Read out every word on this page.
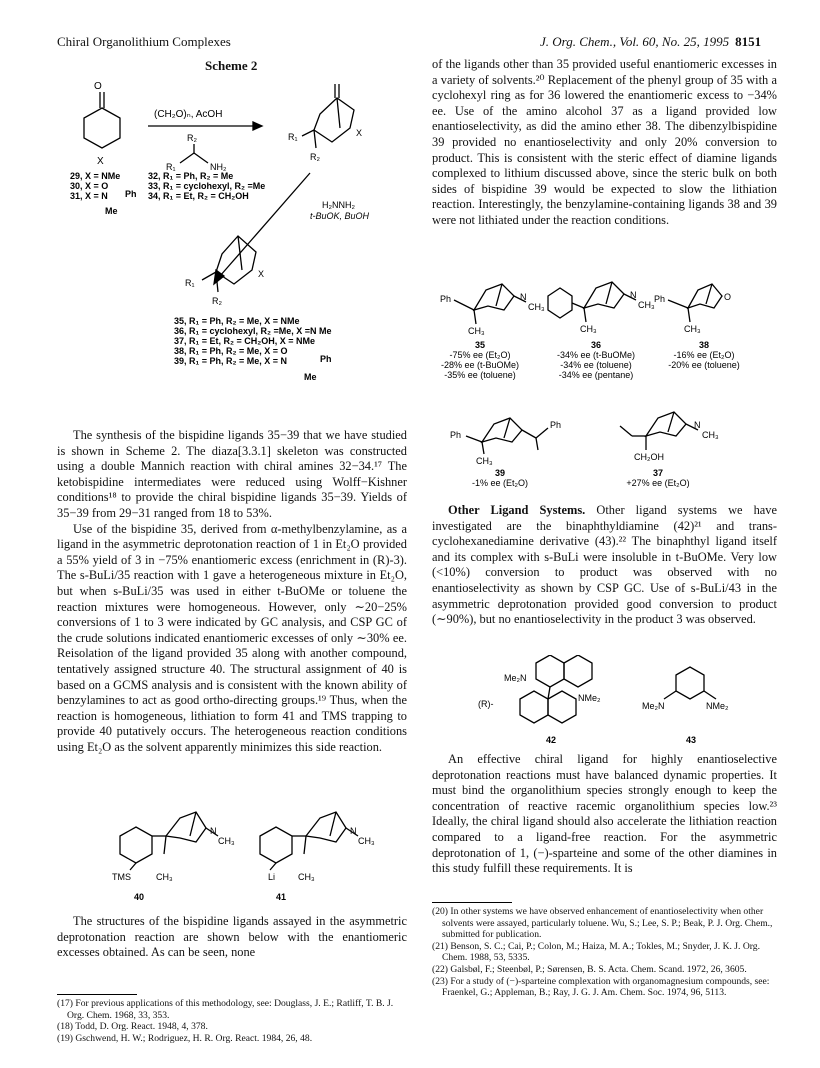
Chiral Organolithium Complexes	J. Org. Chem., Vol. 60, No. 25, 1995 8151
Scheme 2
O
X
(CH₂O)ₙ, AcOH
R₂
R₁	NH₂
R₁
R₂
X
29, X = NMe
30, X = O
31, X = N Ph
Me
32, R₁ = Ph, R₂ = Me
33, R₁ = cyclohexyl, R₂ =Me
34, R₁ = Et, R₂ = CH₂OH
H₂NNH₂
t-BuOK, BuOH
R₁
R₂
X
35, R₁ = Ph, R₂ = Me, X = NMe
36, R₁ = cyclohexyl, R₂ =Me, X =N Me
37, R₁ = Et, R₂ = CH₂OH, X = NMe
38, R₁ = Ph, R₂ = Me, X = O
39, R₁ = Ph, R₂ = Me, X = N	Ph
Me

The synthesis of the bispidine ligands 35−39 that we have studied is shown in Scheme 2. The diaza[3.3.1] skeleton was constructed using a double Mannich reaction with chiral amines 32−34.¹⁷ The ketobispidine intermediates were reduced using Wolff−Kishner conditions¹⁸ to provide the chiral bispidine ligands 35−39. Yields of 35−39 from 29−31 ranged from 18 to 53%.

Use of the bispidine 35, derived from α-methylbenzylamine, as a ligand in the asymmetric deprotonation reaction of 1 in Et₂O provided a 55% yield of 3 in −75% enantiomeric excess (enrichment in (R)-3). The s-BuLi/35 reaction with 1 gave a heterogeneous mixture in Et₂O, but when s-BuLi/35 was used in either t-BuOMe or toluene the reaction mixtures were homogeneous. However, only ∼20−25% conversions of 1 to 3 were indicated by GC analysis, and CSP GC of the crude solutions indicated enantiomeric excesses of only ∼30% ee. Reisolation of the ligand provided 35 along with another compound, tentatively assigned structure 40. The structural assignment of 40 is based on a GCMS analysis and is consistent with the known ability of benzylamines to act as good ortho-directing groups.¹⁹ Thus, when the reaction is homogeneous, lithiation to form 41 and TMS trapping to provide 40 putatively occurs. The heterogeneous reaction conditions using Et₂O as the solvent apparently minimizes this side reaction.

TMS	CH₃
N
CH₃
Li	CH₃
N
CH₃
40	41

The structures of the bispidine ligands assayed in the asymmetric deprotonation reaction are shown below with the enantiomeric excesses obtained. As can be seen, none

(17) For previous applications of this methodology, see: Douglass, J. E.; Ratliff, T. B. J. Org. Chem. 1968, 33, 353.

(18) Todd, D. Org. React. 1948, 4, 378.

(19) Gschwend, H. W.; Rodriguez, H. R. Org. React. 1984, 26, 48.

of the ligands other than 35 provided useful enantiomeric excesses in a variety of solvents.²⁰ Replacement of the phenyl group of 35 with a cyclohexyl ring as for 36 lowered the enantiomeric excess to −34% ee. Use of the amino alcohol 37 as a ligand provided low enantioselectivity, as did the amino ether 38. The dibenzylbispidine 39 provided no enantioselectivity and only 20% conversion to product. This is consistent with the steric effect of diamine ligands complexed to lithium discussed above, since the steric bulk on both sides of bispidine 39 would be expected to slow the lithiation reaction. Interestingly, the benzylamine-containing ligands 38 and 39 were not lithiated under the reaction conditions.

Ph
CH₃
N
CH₃
CH₃
N
CH₃
Ph
CH₃
O
Ph
CH₃
Ph
CH₂OH
N
CH₃
35
-75% ee (Et₂O)
-28% ee (t-BuOMe)
-35% ee (toluene)
36
-34% ee (t-BuOMe)
-34% ee (toluene)
-34% ee (pentane)
38
-16% ee (Et₂O)
-20% ee (toluene)
39
-1% ee (Et₂O)
37
+27% ee (Et₂O)

Other Ligand Systems. Other ligand systems we have investigated are the binaphthyldiamine (42)²¹ and trans-cyclohexanediamine derivative (43).²² The binaphthyl ligand itself and its complex with s-BuLi were insoluble in t-BuOMe. Very low (<10%) conversion to product was observed with no enantioselectivity as shown by CSP GC. Use of s-BuLi/43 in the asymmetric deprotonation provided good conversion to product (∼90%), but no enantioselectivity in the product 3 was observed.

Me₂N
NMe₂
(R)-	Me₂N	NMe₂
42	43

An effective chiral ligand for highly enantioselective deprotonation reactions must have balanced dynamic properties. It must bind the organolithium species strongly enough to keep the concentration of reactive racemic organolithium species low.²³ Ideally, the chiral ligand should also accelerate the lithiation reaction compared to a ligand-free reaction. For the asymmetric deprotonation of 1, (−)-sparteine and some of the other diamines in this study fulfill these requirements. It is

(20) In other systems we have observed enhancement of enantioselectivity when other solvents were assayed, particularly toluene. Wu, S.; Lee, S. P.; Beak, P. J. Org. Chem., submitted for publication.

(21) Benson, S. C.; Cai, P.; Colon, M.; Haiza, M. A.; Tokles, M.; Snyder, J. K. J. Org. Chem. 1988, 53, 5335.

(22) Galsbøl, F.; Steenbøl, P.; Sørensen, B. S. Acta. Chem. Scand. 1972, 26, 3605.

(23) For a study of (−)-sparteine complexation with organomagnesium compounds, see: Fraenkel, G.; Appleman, B.; Ray, J. G. J. Am. Chem. Soc. 1974, 96, 5113.
